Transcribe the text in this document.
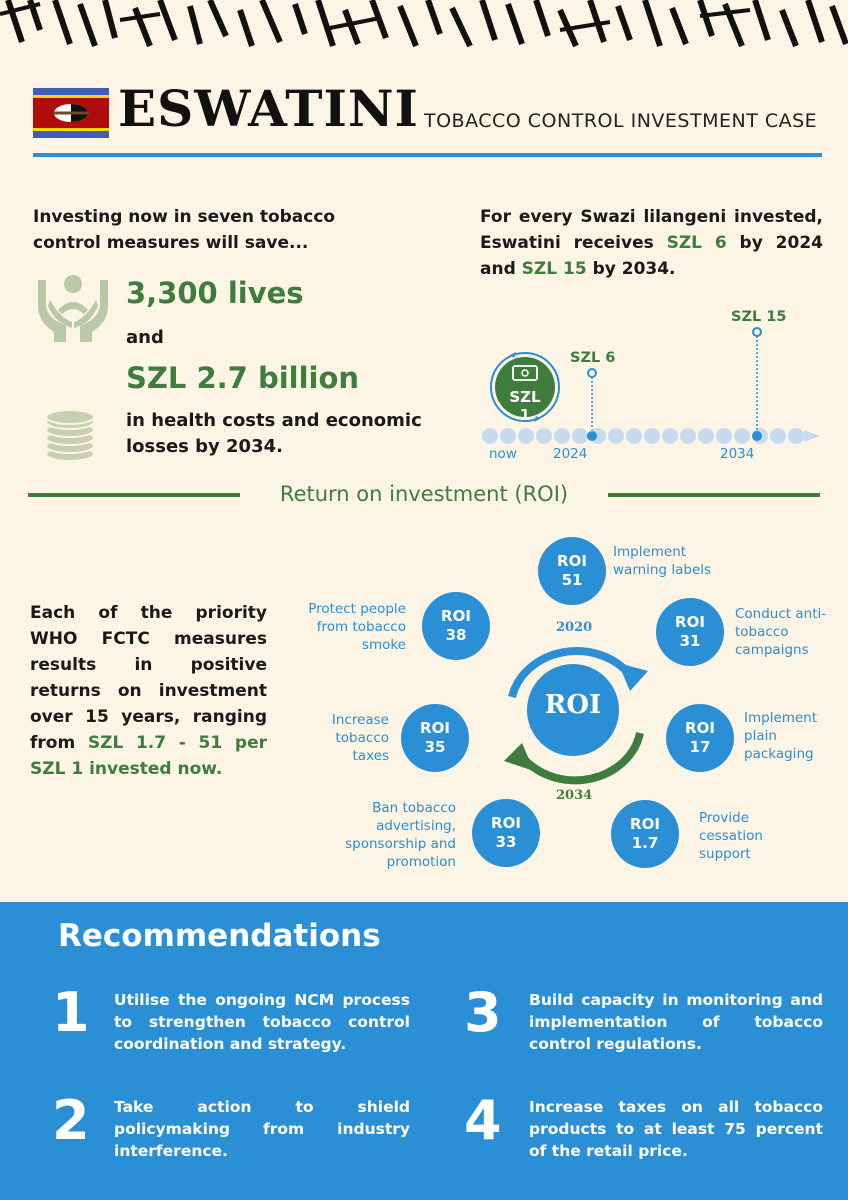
ESWATINI TOBACCO CONTROL INVESTMENT CASE
Investing now in seven tobacco control measures will save...
3,300 lives
and
SZL 2.7 billion
in health costs and economic losses by 2034.
For every Swazi lilangeni invested, Eswatini receives SZL 6 by 2024 and SZL 15 by 2034.
SZL 1
SZL 6
SZL 15
now	2024	2034
Return on investment (ROI)
Each of the priority WHO FCTC measures results in positive returns on investment over 15 years, ranging from SZL 1.7 - 51 per SZL 1 invested now.
ROI
2020
2034
ROI
51
Implement warning labels
ROI
31
Conduct anti-tobacco campaigns
ROI
17
Implement plain packaging
ROI
1.7
Provide cessation support
ROI
33
Ban tobacco advertising, sponsorship and promotion
ROI
35
Increase tobacco taxes
ROI
38
Protect people from tobacco smoke
Recommendations
1 Utilise the ongoing NCM process to strengthen tobacco control coordination and strategy.
2 Take action to shield policymaking from industry interference.
3 Build capacity in monitoring and implementation of tobacco control regulations.
4 Increase taxes on all tobacco products to at least 75 percent of the retail price.
